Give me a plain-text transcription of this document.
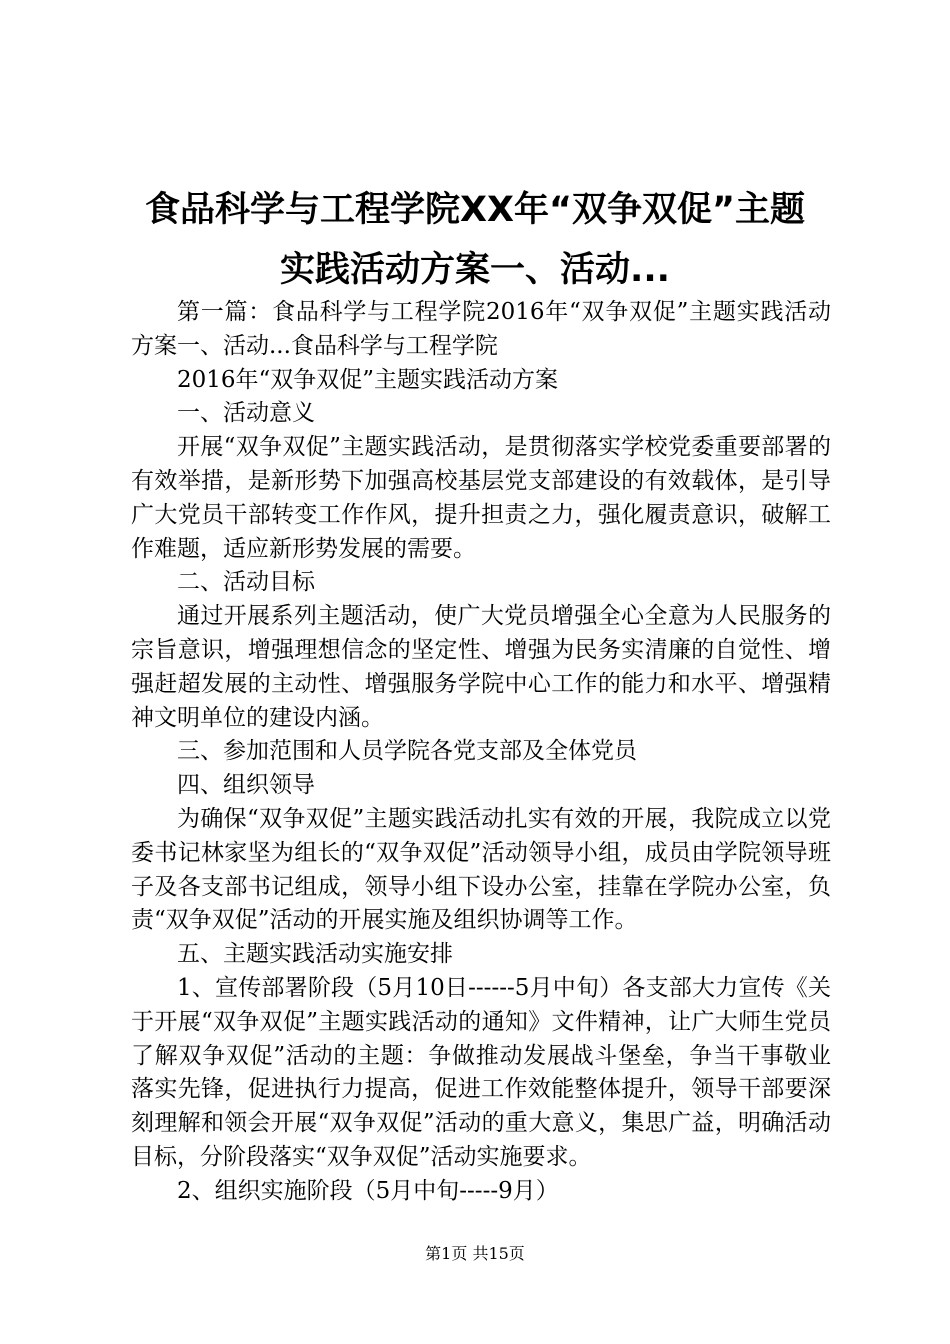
食品科学与工程学院XX年“双争双促”主题
实践活动方案一、活动...

第一篇：食品科学与工程学院2016年“双争双促”主题实践活动方案一、活动...食品科学与工程学院

2016年“双争双促”主题实践活动方案

一、活动意义

开展“双争双促”主题实践活动，是贯彻落实学校党委重要部署的有效举措，是新形势下加强高校基层党支部建设的有效载体，是引导广大党员干部转变工作作风，提升担责之力，强化履责意识，破解工作难题，适应新形势发展的需要。

二、活动目标

通过开展系列主题活动，使广大党员增强全心全意为人民服务的宗旨意识，增强理想信念的坚定性、增强为民务实清廉的自觉性、增强赶超发展的主动性、增强服务学院中心工作的能力和水平、增强精神文明单位的建设内涵。

三、参加范围和人员学院各党支部及全体党员

四、组织领导

为确保“双争双促”主题实践活动扎实有效的开展，我院成立以党委书记林家坚为组长的“双争双促”活动领导小组，成员由学院领导班子及各支部书记组成，领导小组下设办公室，挂靠在学院办公室，负责“双争双促”活动的开展实施及组织协调等工作。

五、主题实践活动实施安排

1、宣传部署阶段（5月10日------5月中旬）各支部大力宣传《关于开展“双争双促”主题实践活动的通知》文件精神，让广大师生党员了解双争双促”活动的主题：争做推动发展战斗堡垒，争当干事敬业落实先锋，促进执行力提高，促进工作效能整体提升，领导干部要深刻理解和领会开展“双争双促”活动的重大意义，集思广益，明确活动目标，分阶段落实“双争双促”活动实施要求。

2、组织实施阶段（5月中旬-----9月）

第1页 共15页
